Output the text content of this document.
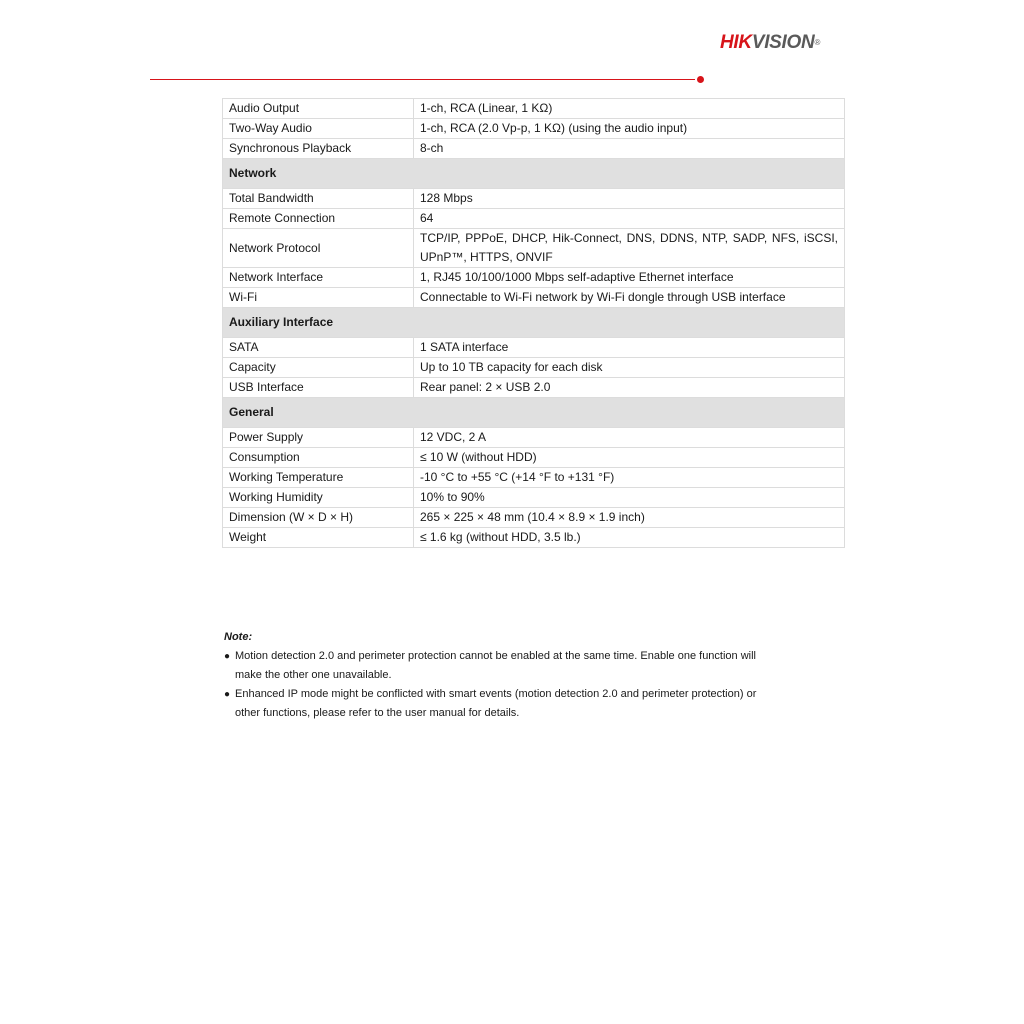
HIKVISION®
Audio Output	1-ch, RCA (Linear, 1 KΩ)
Two-Way Audio	1-ch, RCA (2.0 Vp-p, 1 KΩ) (using the audio input)
Synchronous Playback	8-ch
Network	
Total Bandwidth	128 Mbps
Remote Connection	64
Network Protocol	TCP/IP, PPPoE, DHCP, Hik-Connect, DNS, DDNS, NTP, SADP, NFS, iSCSI, UPnP™, HTTPS, ONVIF
Network Interface	1, RJ45 10/100/1000 Mbps self-adaptive Ethernet interface
Wi-Fi	Connectable to Wi-Fi network by Wi-Fi dongle through USB interface
Auxiliary Interface	
SATA	1 SATA interface
Capacity	Up to 10 TB capacity for each disk
USB Interface	Rear panel: 2 × USB 2.0
General	
Power Supply	12 VDC, 2 A
Consumption	≤ 10 W (without HDD)
Working Temperature	-10 °C to +55 °C (+14 °F to +131 °F)
Working Humidity	10% to 90%
Dimension (W × D × H)	265 × 225 × 48 mm (10.4 × 8.9 × 1.9 inch)
Weight	≤ 1.6 kg (without HDD, 3.5 lb.)
Note:
● Motion detection 2.0 and perimeter protection cannot be enabled at the same time. Enable one function will make the other one unavailable.
● Enhanced IP mode might be conflicted with smart events (motion detection 2.0 and perimeter protection) or other functions, please refer to the user manual for details.
